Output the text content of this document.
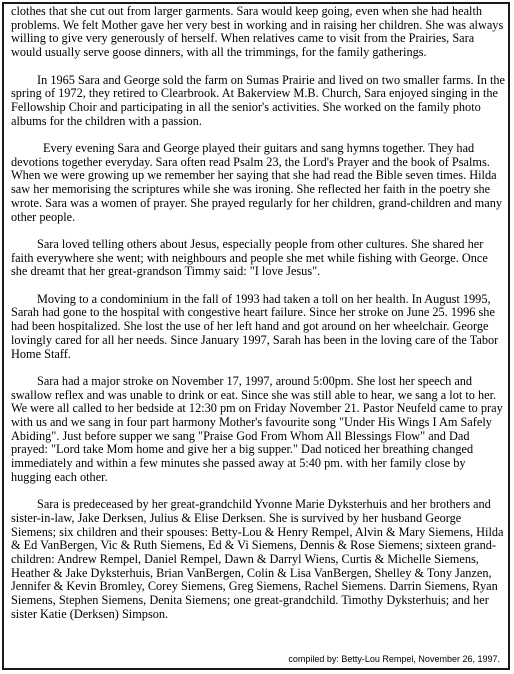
clothes that she cut out from larger garments. Sara would keep going, even when she had health problems. We felt Mother gave her very best in working and in raising her children. She was always willing to give very generously of herself. When relatives came to visit from the Prairies, Sara would usually serve goose dinners, with all the trimmings, for the family gatherings.

In 1965 Sara and George sold the farm on Sumas Prairie and lived on two smaller farms. In the spring of 1972, they retired to Clearbrook. At Bakerview M.B. Church, Sara enjoyed singing in the Fellowship Choir and participating in all the senior's activities. She worked on the family photo albums for the children with a passion.

Every evening Sara and George played their guitars and sang hymns together. They had devotions together everyday. Sara often read Psalm 23, the Lord's Prayer and the book of Psalms. When we were growing up we remember her saying that she had read the Bible seven times. Hilda saw her memorising the scriptures while she was ironing. She reflected her faith in the poetry she wrote. Sara was a women of prayer. She prayed regularly for her children, grand-children and many other people.

Sara loved telling others about Jesus, especially people from other cultures. She shared her faith everywhere she went; with neighbours and people she met while fishing with George. Once she dreamt that her great-grandson Timmy said: "I love Jesus".

Moving to a condominium in the fall of 1993 had taken a toll on her health. In August 1995, Sarah had gone to the hospital with congestive heart failure. Since her stroke on June 25. 1996 she had been hospitalized. She lost the use of her left hand and got around on her wheelchair. George lovingly cared for all her needs. Since January 1997, Sarah has been in the loving care of the Tabor Home Staff.

Sara had a major stroke on November 17, 1997, around 5:00pm. She lost her speech and swallow reflex and was unable to drink or eat. Since she was still able to hear, we sang a lot to her. We were all called to her bedside at 12:30 pm on Friday November 21. Pastor Neufeld came to pray with us and we sang in four part harmony Mother's favourite song "Under His Wings I Am Safely Abiding". Just before supper we sang "Praise God From Whom All Blessings Flow" and Dad prayed: "Lord take Mom home and give her a big supper." Dad noticed her breathing changed immediately and within a few minutes she passed away at 5:40 pm. with her family close by hugging each other.

Sara is predeceased by her great-grandchild Yvonne Marie Dyksterhuis and her brothers and sister-in-law, Jake Derksen, Julius & Elise Derksen. She is survived by her husband George Siemens; six children and their spouses: Betty-Lou & Henry Rempel, Alvin & Mary Siemens, Hilda & Ed VanBergen, Vic & Ruth Siemens, Ed & Vi Siemens, Dennis & Rose Siemens; sixteen grand-children: Andrew Rempel, Daniel Rempel, Dawn & Darryl Wiens, Curtis & Michelle Siemens, Heather & Jake Dyksterhuis, Brian VanBergen, Colin & Lisa VanBergen, Shelley & Tony Janzen, Jennifer & Kevin Bromley, Corey Siemens, Greg Siemens, Rachel Siemens. Darrin Siemens, Ryan Siemens, Stephen Siemens, Denita Siemens; one great-grandchild. Timothy Dyksterhuis; and her sister Katie (Derksen) Simpson.

compiled by: Betty-Lou Rempel, November 26, 1997.
